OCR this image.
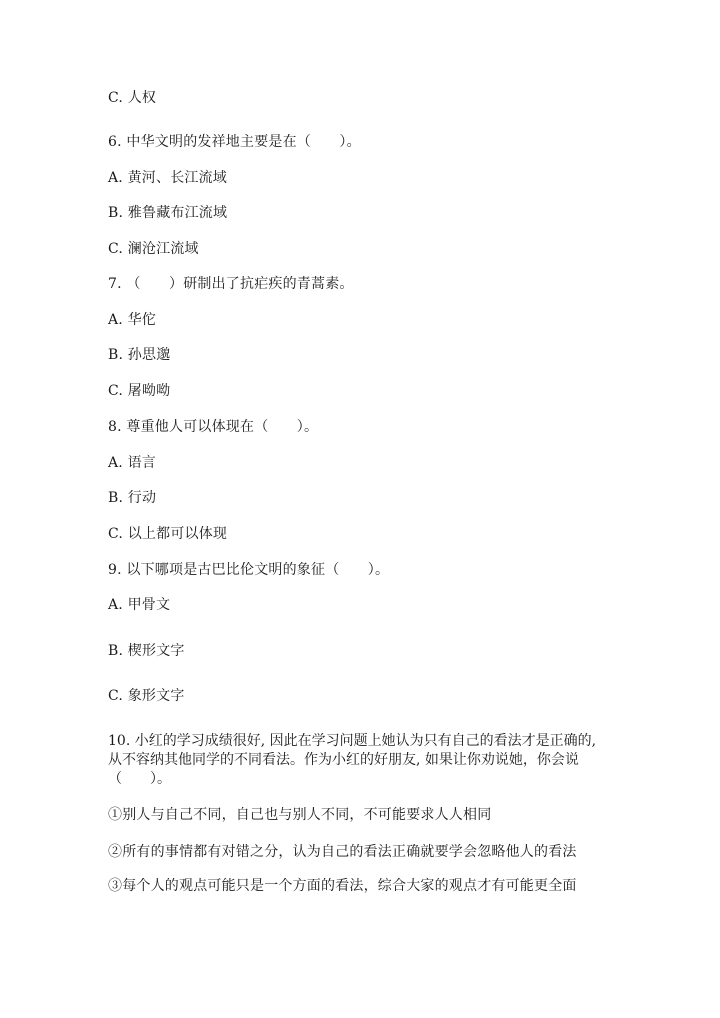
C. 人权
6. 中华文明的发祥地主要是在（　　）。
A. 黄河、长江流域
B. 雅鲁藏布江流域
C. 澜沧江流域
7. （　　）研制出了抗疟疾的青蒿素。
A. 华佗
B. 孙思邈
C. 屠呦呦
8. 尊重他人可以体现在（　　）。
A. 语言
B. 行动
C. 以上都可以体现
9. 以下哪项是古巴比伦文明的象征（　　）。
A. 甲骨文
B. 楔形文字
C. 象形文字
10. 小红的学习成绩很好, 因此在学习问题上她认为只有自己的看法才是正确的,
从不容纳其他同学的不同看法。作为小红的好朋友, 如果让你劝说她，你会说
（　　）。
①别人与自己不同，自己也与别人不同，不可能要求人人相同
②所有的事情都有对错之分，认为自己的看法正确就要学会忽略他人的看法
③每个人的观点可能只是一个方面的看法，综合大家的观点才有可能更全面
